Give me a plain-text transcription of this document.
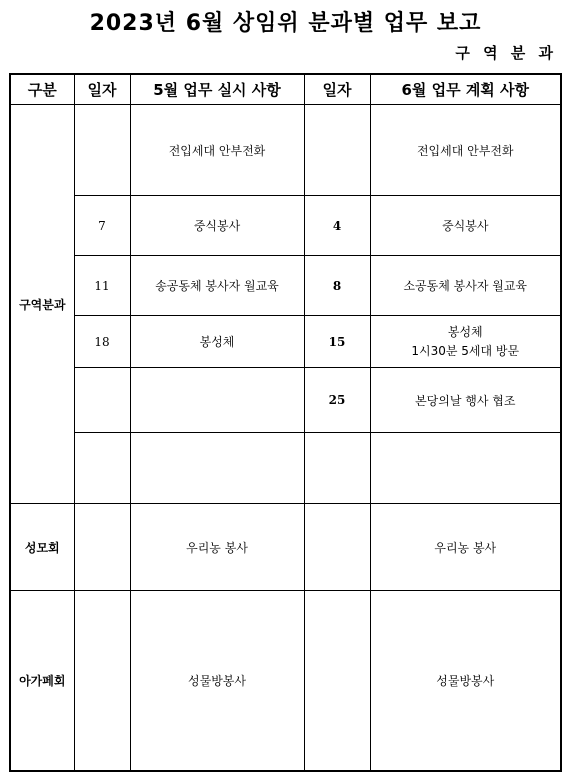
2023년 6월 상임위 분과별 업무 보고
구 역 분 과
구분	일자	5월 업무 실시 사항	일자	6월 업무 계획 사항
구역분과		전입세대 안부전화		전입세대 안부전화
	7	중식봉사	4	중식봉사
	11	송공동체 봉사자 월교육	8	소공동체 봉사자 월교육
	18	봉성체	15	봉성체
1시30분 5세대 방문

			25	본당의날 행사 협조

성모회		우리농 봉사		우리농 봉사
아가페회		성물방봉사		성물방봉사
